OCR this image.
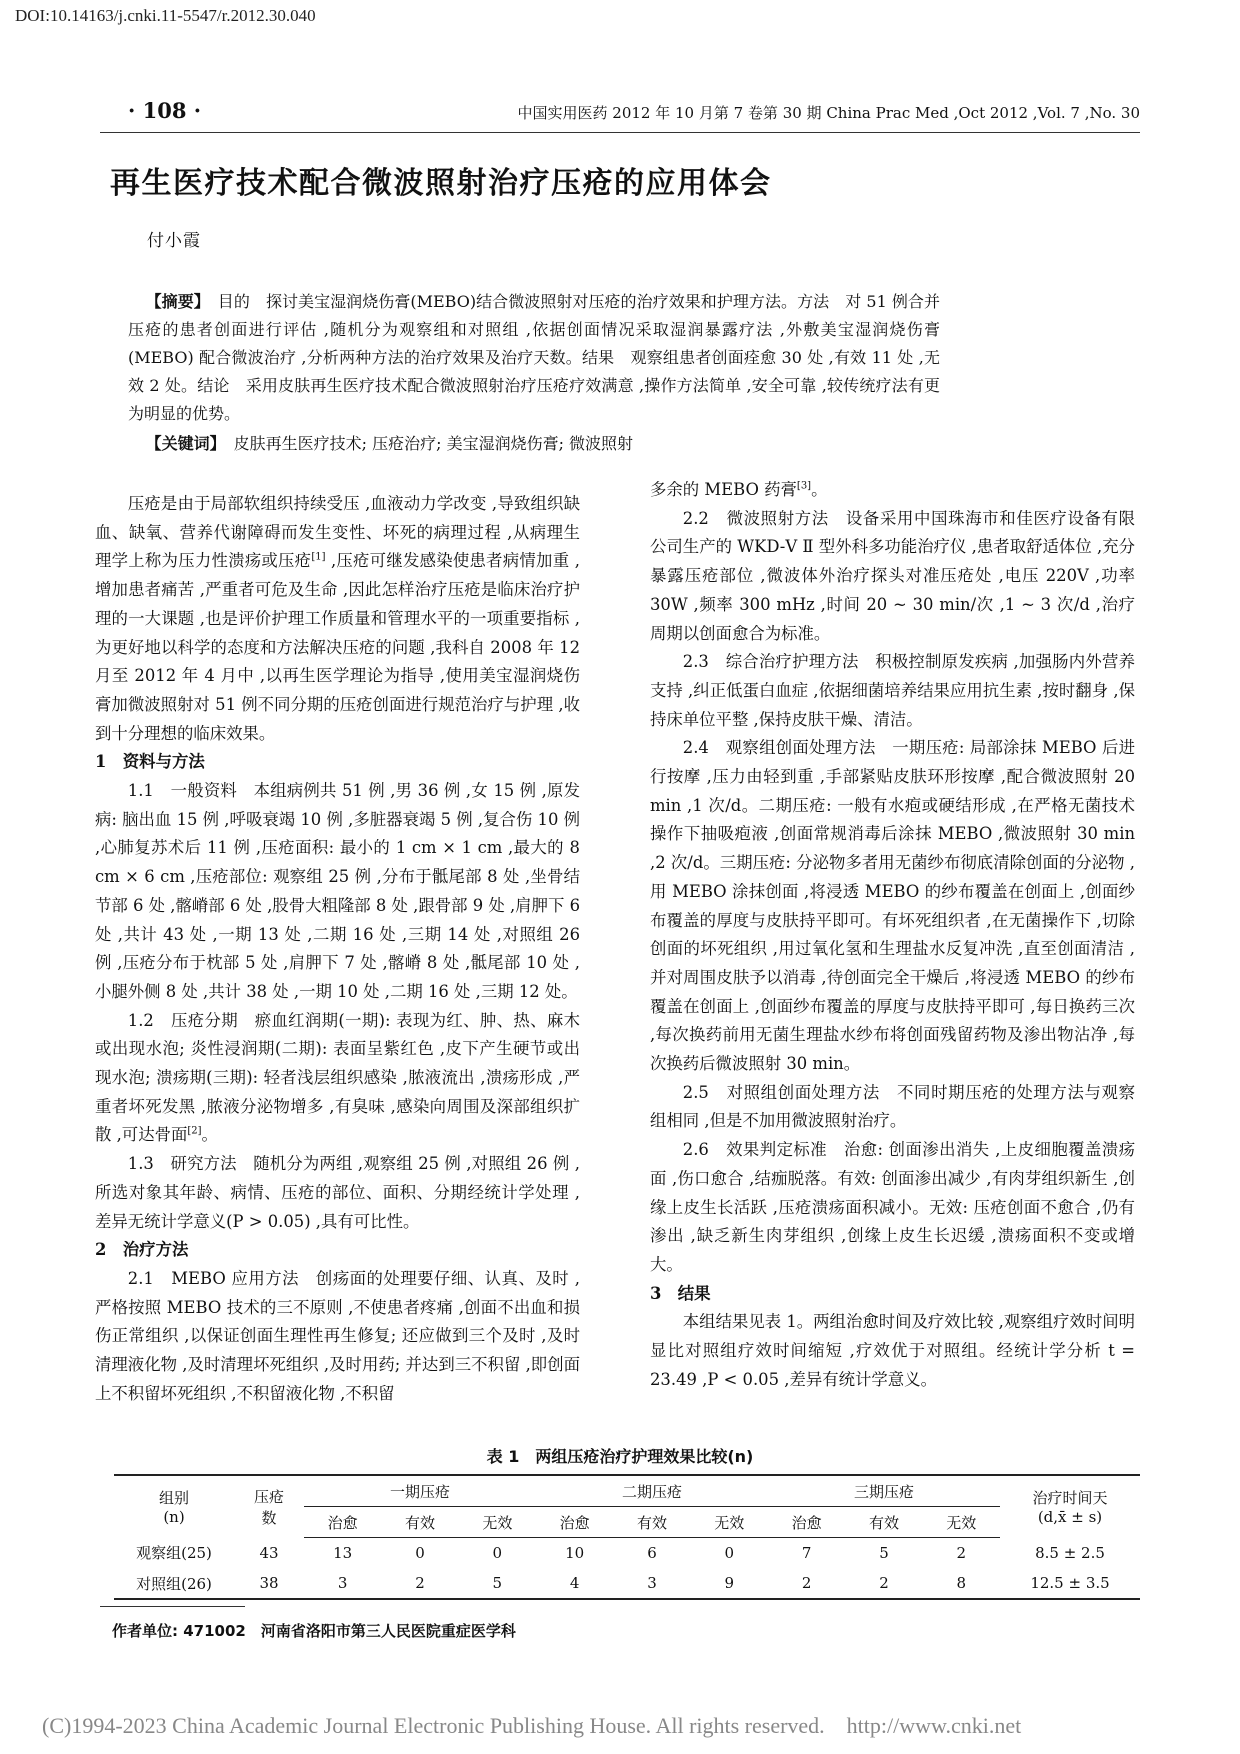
DOI:10.14163/j.cnki.11-5547/r.2012.30.040
· 108 ·	中国实用医药 2012 年 10 月第 7 卷第 30 期 China Prac Med ,Oct 2012 ,Vol. 7 ,No. 30
再生医疗技术配合微波照射治疗压疮的应用体会
付小霞

【摘要】 目的　探讨美宝湿润烧伤膏(MEBO)结合微波照射对压疮的治疗效果和护理方法。方法　对 51 例合并压疮的患者创面进行评估 ,随机分为观察组和对照组 ,依据创面情况采取湿润暴露疗法 ,外敷美宝湿润烧伤膏(MEBO) 配合微波治疗 ,分析两种方法的治疗效果及治疗天数。结果　观察组患者创面痊愈 30 处 ,有效 11 处 ,无效 2 处。结论　采用皮肤再生医疗技术配合微波照射治疗压疮疗效满意 ,操作方法简单 ,安全可靠 ,较传统疗法有更为明显的优势。

【关键词】 皮肤再生医疗技术; 压疮治疗; 美宝湿润烧伤膏; 微波照射

压疮是由于局部软组织持续受压 ,血液动力学改变 ,导致组织缺血、缺氧、营养代谢障碍而发生变性、坏死的病理过程 ,从病理生理学上称为压力性溃疡或压疮[1] ,压疮可继发感染使患者病情加重 ,增加患者痛苦 ,严重者可危及生命 ,因此怎样治疗压疮是临床治疗护理的一大课题 ,也是评价护理工作质量和管理水平的一项重要指标 ,为更好地以科学的态度和方法解决压疮的问题 ,我科自 2008 年 12 月至 2012 年 4 月中 ,以再生医学理论为指导 ,使用美宝湿润烧伤膏加微波照射对 51 例不同分期的压疮创面进行规范治疗与护理 ,收到十分理想的临床效果。

1　资料与方法

1.1　一般资料　本组病例共 51 例 ,男 36 例 ,女 15 例 ,原发病: 脑出血 15 例 ,呼吸衰竭 10 例 ,多脏器衰竭 5 例 ,复合伤 10 例 ,心肺复苏术后 11 例 ,压疮面积: 最小的 1 cm × 1 cm ,最大的 8 cm × 6 cm ,压疮部位: 观察组 25 例 ,分布于骶尾部 8 处 ,坐骨结节部 6 处 ,髂嵴部 6 处 ,股骨大粗隆部 8 处 ,跟骨部 9 处 ,肩胛下 6 处 ,共计 43 处 ,一期 13 处 ,二期 16 处 ,三期 14 处 ,对照组 26 例 ,压疮分布于枕部 5 处 ,肩胛下 7 处 ,髂嵴 8 处 ,骶尾部 10 处 ,小腿外侧 8 处 ,共计 38 处 ,一期 10 处 ,二期 16 处 ,三期 12 处。

1.2　压疮分期　瘀血红润期(一期): 表现为红、肿、热、麻木或出现水泡; 炎性浸润期(二期): 表面呈紫红色 ,皮下产生硬节或出现水泡; 溃疡期(三期): 轻者浅层组织感染 ,脓液流出 ,溃疡形成 ,严重者坏死发黑 ,脓液分泌物增多 ,有臭味 ,感染向周围及深部组织扩散 ,可达骨面[2]。

1.3　研究方法　随机分为两组 ,观察组 25 例 ,对照组 26 例 ,所选对象其年龄、病情、压疮的部位、面积、分期经统计学处理 ,差异无统计学意义(P > 0.05) ,具有可比性。

2　治疗方法

2.1　MEBO 应用方法　创疡面的处理要仔细、认真、及时 ,严格按照 MEBO 技术的三不原则 ,不使患者疼痛 ,创面不出血和损伤正常组织 ,以保证创面生理性再生修复; 还应做到三个及时 ,及时清理液化物 ,及时清理坏死组织 ,及时用药; 并达到三不积留 ,即创面上不积留坏死组织 ,不积留液化物 ,不积留

多余的 MEBO 药膏[3]。

2.2　微波照射方法　设备采用中国珠海市和佳医疗设备有限公司生产的 WKD-Ⅴ Ⅱ 型外科多功能治疗仪 ,患者取舒适体位 ,充分暴露压疮部位 ,微波体外治疗探头对准压疮处 ,电压 220V ,功率 30W ,频率 300 mHz ,时间 20 ~ 30 min/次 ,1 ~ 3 次/d ,治疗周期以创面愈合为标准。

2.3　综合治疗护理方法　积极控制原发疾病 ,加强肠内外营养支持 ,纠正低蛋白血症 ,依据细菌培养结果应用抗生素 ,按时翻身 ,保持床单位平整 ,保持皮肤干燥、清洁。

2.4　观察组创面处理方法　一期压疮: 局部涂抹 MEBO 后进行按摩 ,压力由轻到重 ,手部紧贴皮肤环形按摩 ,配合微波照射 20 min ,1 次/d。二期压疮: 一般有水疱或硬结形成 ,在严格无菌技术操作下抽吸疱液 ,创面常规消毒后涂抹 MEBO ,微波照射 30 min ,2 次/d。三期压疮: 分泌物多者用无菌纱布彻底清除创面的分泌物 ,用 MEBO 涂抹创面 ,将浸透 MEBO 的纱布覆盖在创面上 ,创面纱布覆盖的厚度与皮肤持平即可。有坏死组织者 ,在无菌操作下 ,切除创面的坏死组织 ,用过氧化氢和生理盐水反复冲洗 ,直至创面清洁 ,并对周围皮肤予以消毒 ,待创面完全干燥后 ,将浸透 MEBO 的纱布覆盖在创面上 ,创面纱布覆盖的厚度与皮肤持平即可 ,每日换药三次 ,每次换药前用无菌生理盐水纱布将创面残留药物及渗出物沾净 ,每次换药后微波照射 30 min。

2.5　对照组创面处理方法　不同时期压疮的处理方法与观察组相同 ,但是不加用微波照射治疗。

2.6　效果判定标准　治愈: 创面渗出消失 ,上皮细胞覆盖溃疡面 ,伤口愈合 ,结痂脱落。有效: 创面渗出减少 ,有肉芽组织新生 ,创缘上皮生长活跃 ,压疮溃疡面积减小。无效: 压疮创面不愈合 ,仍有渗出 ,缺乏新生肉芽组织 ,创缘上皮生长迟缓 ,溃疡面积不变或增大。

3　结果

本组结果见表 1。两组治愈时间及疗效比较 ,观察组疗效时间明显比对照组疗效时间缩短 ,疗效优于对照组。经统计学分析 t = 23.49 ,P < 0.05 ,差异有统计学意义。

表 1　两组压疮治疗护理效果比较(n)
组别
(n)	压疮
数	一期压疮			二期压疮			三期压疮			治疗时间天
(d,x̄ ± s)
		治愈	有效	无效	治愈	有效	无效	治愈	有效	无效	
观察组(25)	43	13	0	0	10	6	0	7	5	2	8.5 ± 2.5
对照组(26)	38	3	2	5	4	3	9	2	2	8	12.5 ± 3.5
作者单位: 471002　河南省洛阳市第三人民医院重症医学科
(C)1994-2023 China Academic Journal Electronic Publishing House. All rights reserved.　http://www.cnki.net
